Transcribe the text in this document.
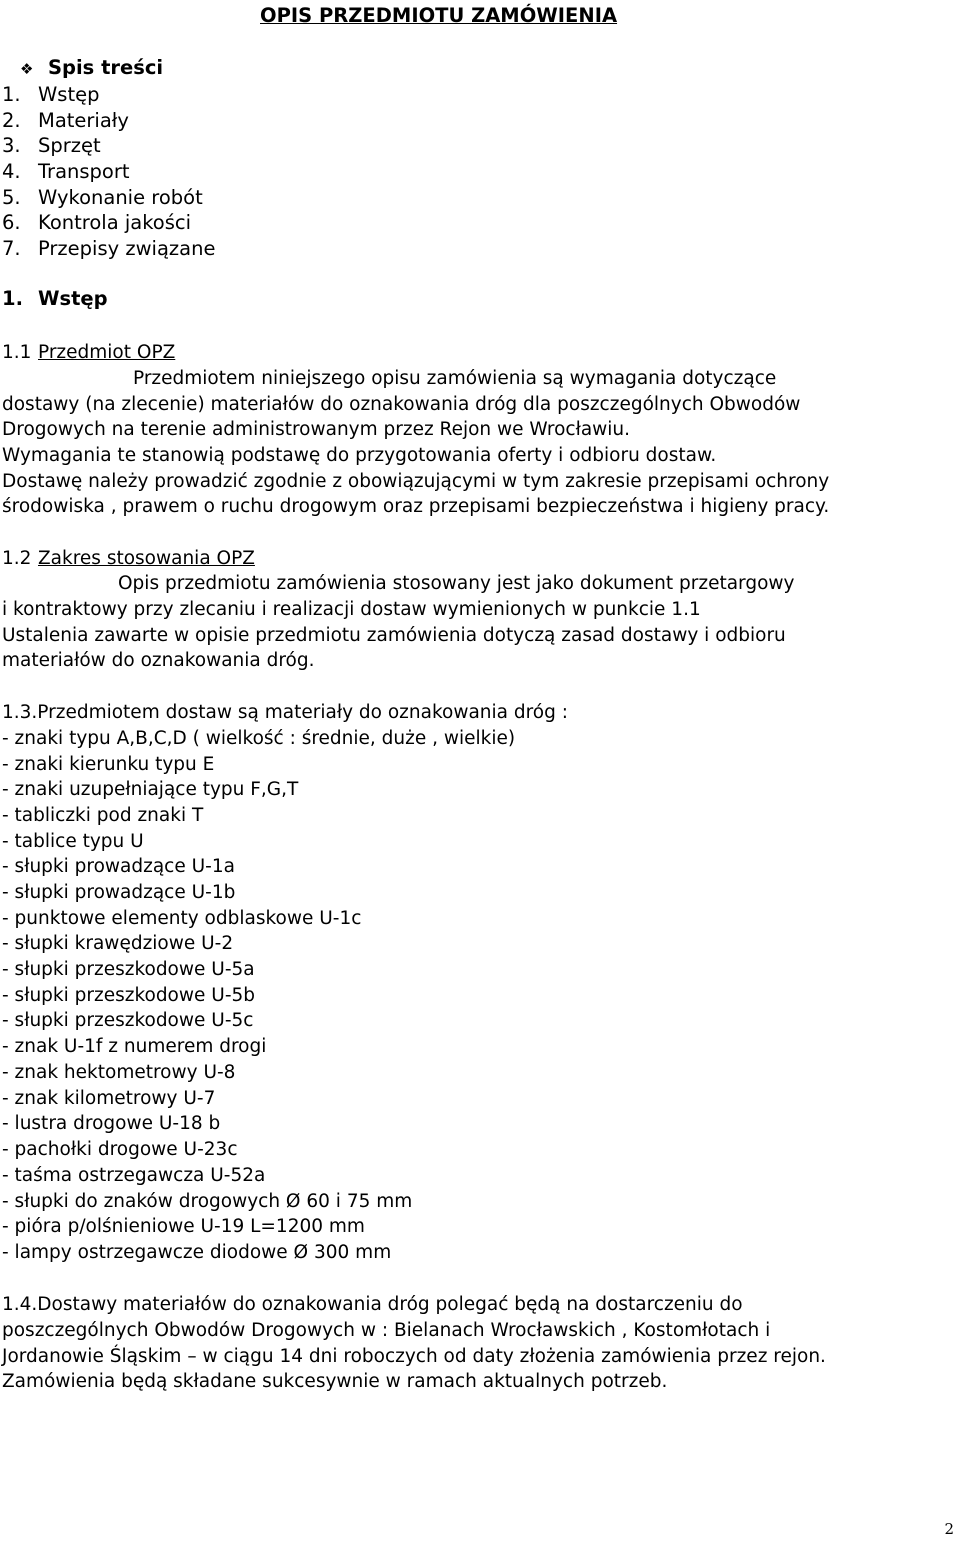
OPIS PRZEDMIOTU ZAMÓWIENIA
❖ Spis treści
1. Wstęp
2. Materiały
3. Sprzęt
4. Transport
5. Wykonanie robót
6. Kontrola jakości
7. Przepisy związane
1. Wstęp
1.1 Przedmiot OPZ
Przedmiotem niniejszego opisu zamówienia są wymagania dotyczące
dostawy (na zlecenie) materiałów do oznakowania dróg dla poszczególnych Obwodów
Drogowych na terenie administrowanym przez Rejon we Wrocławiu.
Wymagania te stanowią podstawę do przygotowania oferty i odbioru dostaw.
Dostawę należy prowadzić zgodnie z obowiązującymi w tym zakresie przepisami ochrony
środowiska , prawem o ruchu drogowym oraz przepisami bezpieczeństwa i higieny pracy.
1.2 Zakres stosowania OPZ
Opis przedmiotu zamówienia stosowany jest jako dokument przetargowy
i kontraktowy przy zlecaniu i realizacji dostaw wymienionych w punkcie 1.1
Ustalenia zawarte w opisie przedmiotu zamówienia dotyczą zasad dostawy i odbioru
materiałów do oznakowania dróg.
1.3.Przedmiotem dostaw są materiały do oznakowania dróg :
- znaki typu A,B,C,D ( wielkość : średnie, duże , wielkie)
- znaki kierunku typu E
- znaki uzupełniające typu F,G,T
- tabliczki pod znaki T
- tablice typu U
- słupki prowadzące U-1a
- słupki prowadzące U-1b
- punktowe elementy odblaskowe U-1c
- słupki krawędziowe U-2
- słupki przeszkodowe U-5a
- słupki przeszkodowe U-5b
- słupki przeszkodowe U-5c
- znak U-1f z numerem drogi
- znak hektometrowy U-8
- znak kilometrowy U-7
- lustra drogowe U-18 b
- pachołki drogowe U-23c
- taśma ostrzegawcza U-52a
- słupki do znaków drogowych Ø 60 i 75 mm
- pióra p/olśnieniowe U-19 L=1200 mm
- lampy ostrzegawcze diodowe Ø 300 mm
1.4.Dostawy materiałów do oznakowania dróg polegać będą na dostarczeniu do
poszczególnych Obwodów Drogowych w : Bielanach Wrocławskich , Kostomłotach i
Jordanowie Śląskim – w ciągu 14 dni roboczych od daty złożenia zamówienia przez rejon.
Zamówienia będą składane sukcesywnie w ramach aktualnych potrzeb.
2
